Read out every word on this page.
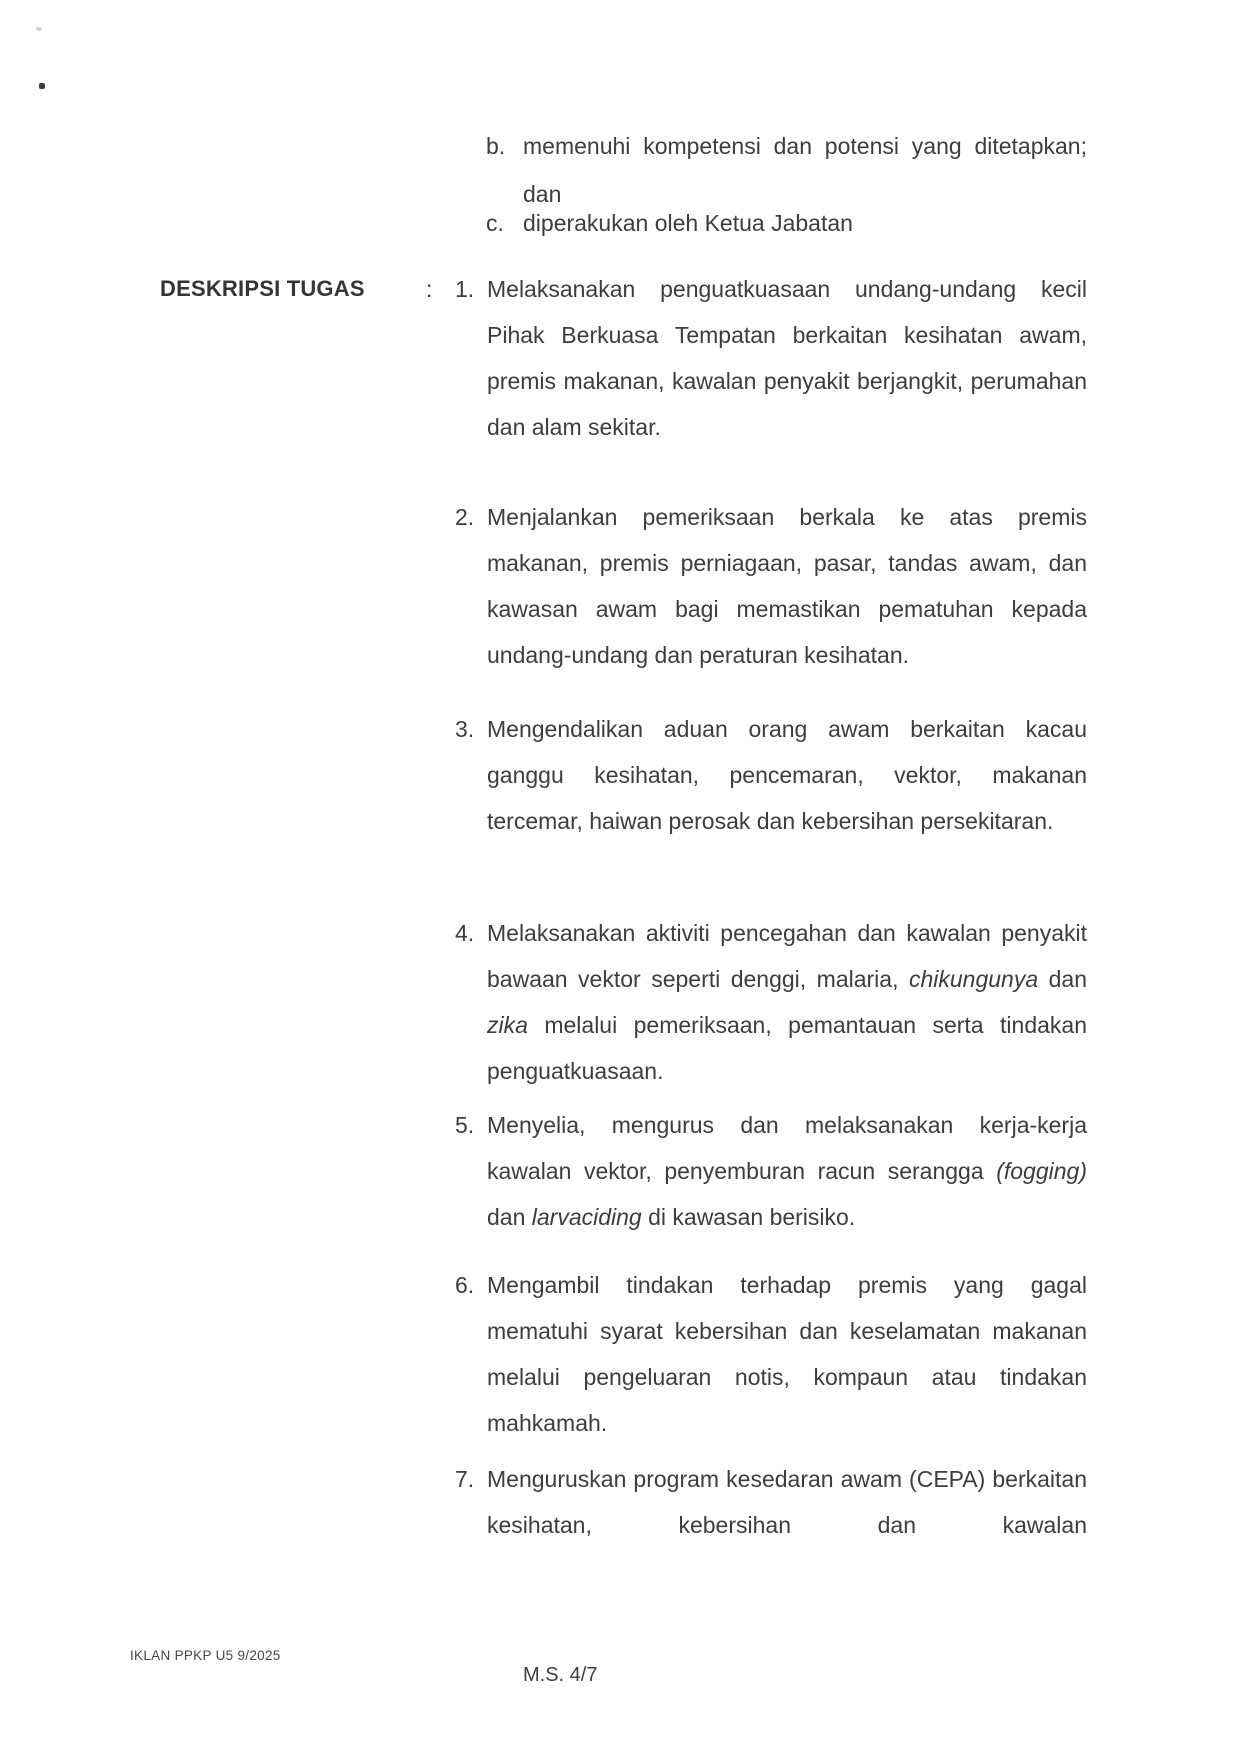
b. memenuhi kompetensi dan potensi yang ditetapkan; dan
c. diperakukan oleh Ketua Jabatan
DESKRIPSI TUGAS	: 1. Melaksanakan penguatkuasaan undang-undang kecil Pihak Berkuasa Tempatan berkaitan kesihatan awam, premis makanan, kawalan penyakit berjangkit, perumahan dan alam sekitar.
2. Menjalankan pemeriksaan berkala ke atas premis makanan, premis perniagaan, pasar, tandas awam, dan kawasan awam bagi memastikan pematuhan kepada undang-undang dan peraturan kesihatan.
3. Mengendalikan aduan orang awam berkaitan kacau ganggu kesihatan, pencemaran, vektor, makanan tercemar, haiwan perosak dan kebersihan persekitaran.
4. Melaksanakan aktiviti pencegahan dan kawalan penyakit bawaan vektor seperti denggi, malaria, chikungunya dan zika melalui pemeriksaan, pemantauan serta tindakan penguatkuasaan.
5. Menyelia, mengurus dan melaksanakan kerja-kerja kawalan vektor, penyemburan racun serangga (fogging) dan larvaciding di kawasan berisiko.
6. Mengambil tindakan terhadap premis yang gagal mematuhi syarat kebersihan dan keselamatan makanan melalui pengeluaran notis, kompaun atau tindakan mahkamah.
7. Menguruskan program kesedaran awam (CEPA) berkaitan kesihatan, kebersihan dan kawalan
IKLAN PPKP U5 9/2025
M.S. 4/7
